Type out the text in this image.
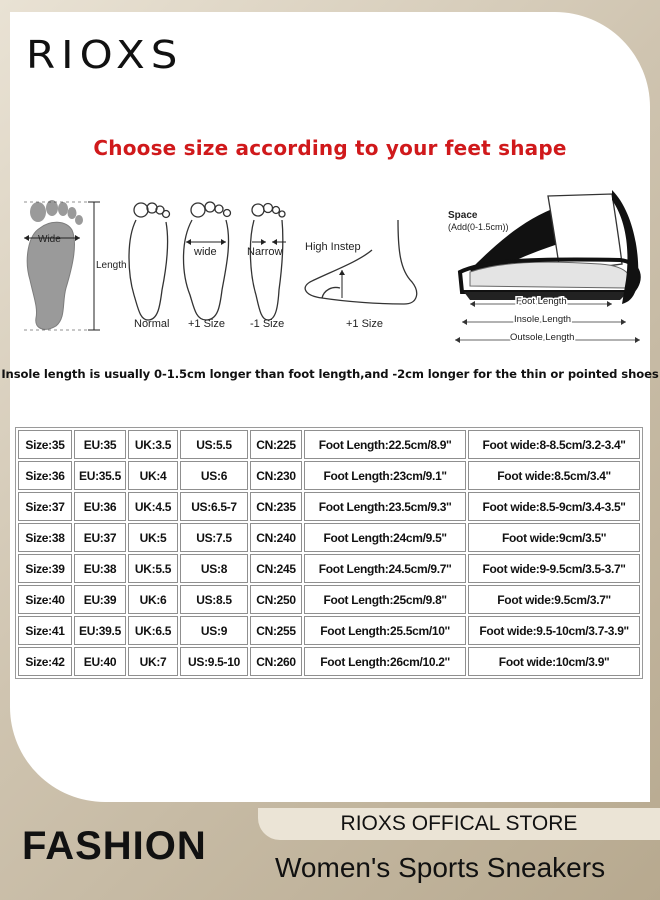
RIOXS
Choose size according to your feet shape
Wide
Length
Normal
wide
+1 Size
Narrow
-1 Size
High Instep
+1 Size
Space
(Add(0-1.5cm))
Foot Length
Insole Length
Outsole Length
Insole length is usually 0-1.5cm longer than foot length,and -2cm longer for the thin or pointed shoes
Size:35	EU:35	UK:3.5	US:5.5	CN:225	Foot Length:22.5cm/8.9''	Foot wide:8-8.5cm/3.2-3.4''
Size:36	EU:35.5	UK:4	US:6	CN:230	Foot Length:23cm/9.1''	Foot wide:8.5cm/3.4''
Size:37	EU:36	UK:4.5	US:6.5-7	CN:235	Foot Length:23.5cm/9.3''	Foot wide:8.5-9cm/3.4-3.5''
Size:38	EU:37	UK:5	US:7.5	CN:240	Foot Length:24cm/9.5''	Foot wide:9cm/3.5''
Size:39	EU:38	UK:5.5	US:8	CN:245	Foot Length:24.5cm/9.7''	Foot wide:9-9.5cm/3.5-3.7''
Size:40	EU:39	UK:6	US:8.5	CN:250	Foot Length:25cm/9.8''	Foot wide:9.5cm/3.7''
Size:41	EU:39.5	UK:6.5	US:9	CN:255	Foot Length:25.5cm/10''	Foot wide:9.5-10cm/3.7-3.9''
Size:42	EU:40	UK:7	US:9.5-10	CN:260	Foot Length:26cm/10.2''	Foot wide:10cm/3.9''
FASHION
RIOXS OFFICAL STORE
Women's Sports Sneakers
